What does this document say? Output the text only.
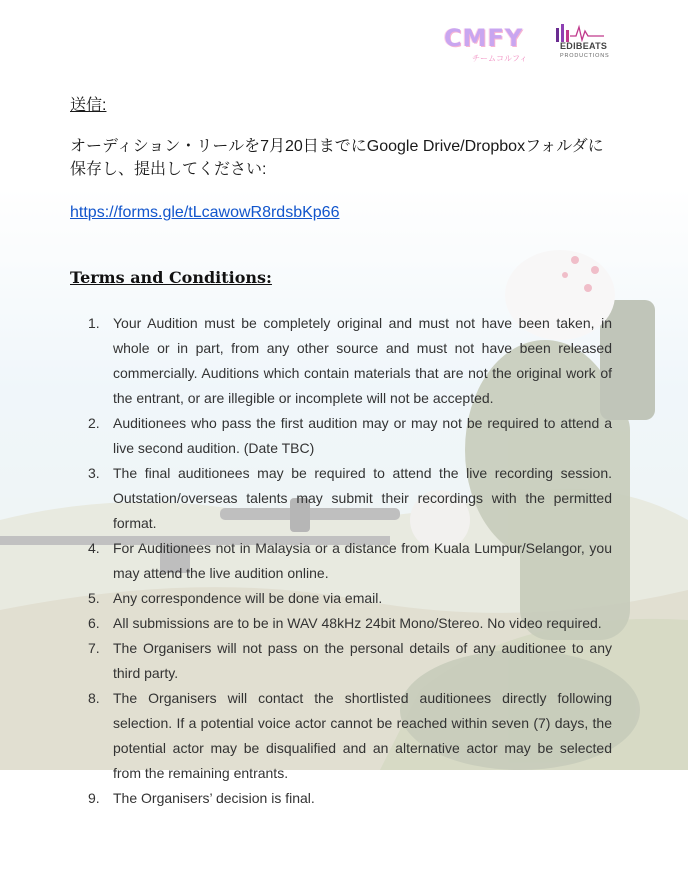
CMFY
チームコルフィ
EDIBEATS
PRODUCTIONS
送信:
オーディション・リールを7月20日までにGoogle Drive/Dropboxフォルダに保存し、提出してください:
https://forms.gle/tLcawowR8rdsbKp66
Terms and Conditions:
1. Your Audition must be completely original and must not have been taken, in whole or in part, from any other source and must not have been released commercially. Auditions which contain materials that are not the original work of the entrant, or are illegible or incomplete will not be accepted.
2. Auditionees who pass the first audition may or may not be required to attend a live second audition. (Date TBC)
3. The final auditionees may be required to attend the live recording session. Outstation/overseas talents may submit their recordings with the permitted format.
4. For Auditionees not in Malaysia or a distance from Kuala Lumpur/Selangor, you may attend the live audition online.
5. Any correspondence will be done via email.
6. All submissions are to be in WAV 48kHz 24bit Mono/Stereo. No video required.
7. The Organisers will not pass on the personal details of any auditionee to any third party.
8. The Organisers will contact the shortlisted auditionees directly following selection. If a potential voice actor cannot be reached within seven (7) days, the potential actor may be disqualified and an alternative actor may be selected from the remaining entrants.
9. The Organisers’ decision is final.
